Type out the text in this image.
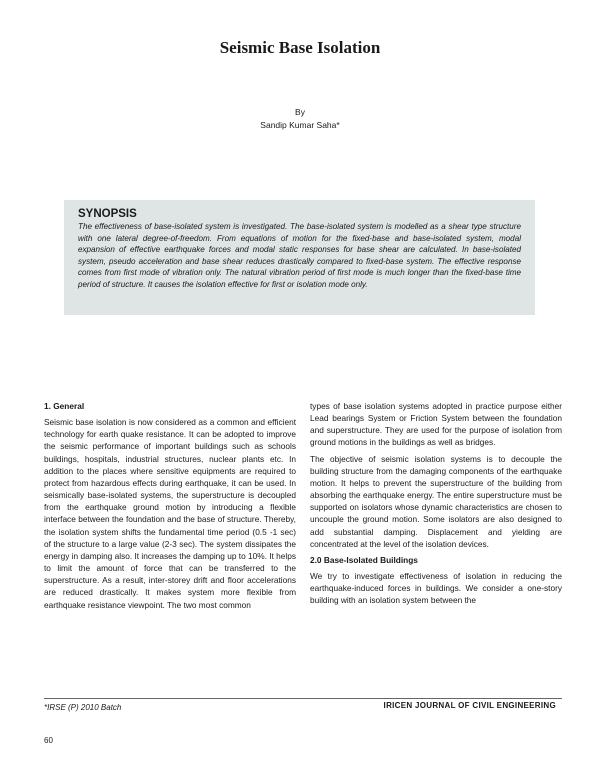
Seismic Base Isolation
By
Sandip Kumar Saha*
SYNOPSIS
The effectiveness of base-isolated system is investigated. The base-isolated system is modelled as a shear type structure with one lateral degree-of-freedom. From equations of motion for the fixed-base and base-isolated system, modal expansion of effective earthquake forces and modal static responses for base shear are calculated. In base-isolated system, pseudo acceleration and base shear reduces drastically compared to fixed-base system. The effective response comes from first mode of vibration only. The natural vibration period of first mode is much longer than the fixed-base time period of structure. It causes the isolation effective for first or isolation mode only.

1. General

Seismic base isolation is now considered as a common and efficient technology for earth quake resistance. It can be adopted to improve the seismic performance of important buildings such as schools buildings, hospitals, industrial structures, nuclear plants etc. In addition to the places where sensitive equipments are required to protect from hazardous effects during earthquake, it can be used. In seismically base-isolated systems, the superstructure is decoupled from the earthquake ground motion by introducing a flexible interface between the foundation and the base of structure. Thereby, the isolation system shifts the fundamental time period (0.5 -1 sec) of the structure to a large value (2-3 sec). The system dissipates the energy in damping also. It increases the damping up to 10%. It helps to limit the amount of force that can be transferred to the superstructure. As a result, inter-storey drift and floor accelerations are reduced drastically. It makes system more flexible from earthquake resistance viewpoint. The two most common

types of base isolation systems adopted in practice purpose either Lead bearings System or Friction System between the foundation and superstructure. They are used for the purpose of isolation from ground motions in the buildings as well as bridges.

The objective of seismic isolation systems is to decouple the building structure from the damaging components of the earthquake motion. It helps to prevent the superstructure of the building from absorbing the earthquake energy. The entire superstructure must be supported on isolators whose dynamic characteristics are chosen to uncouple the ground motion. Some isolators are also designed to add substantial damping. Displacement and yielding are concentrated at the level of the isolation devices.

2.0 Base-Isolated Buildings

We try to investigate effectiveness of isolation in reducing the earthquake-induced forces in buildings. We consider a one-story building with an isolation system between the

*IRSE (P) 2010 Batch	IRICEN JOURNAL OF CIVIL ENGINEERING
60
